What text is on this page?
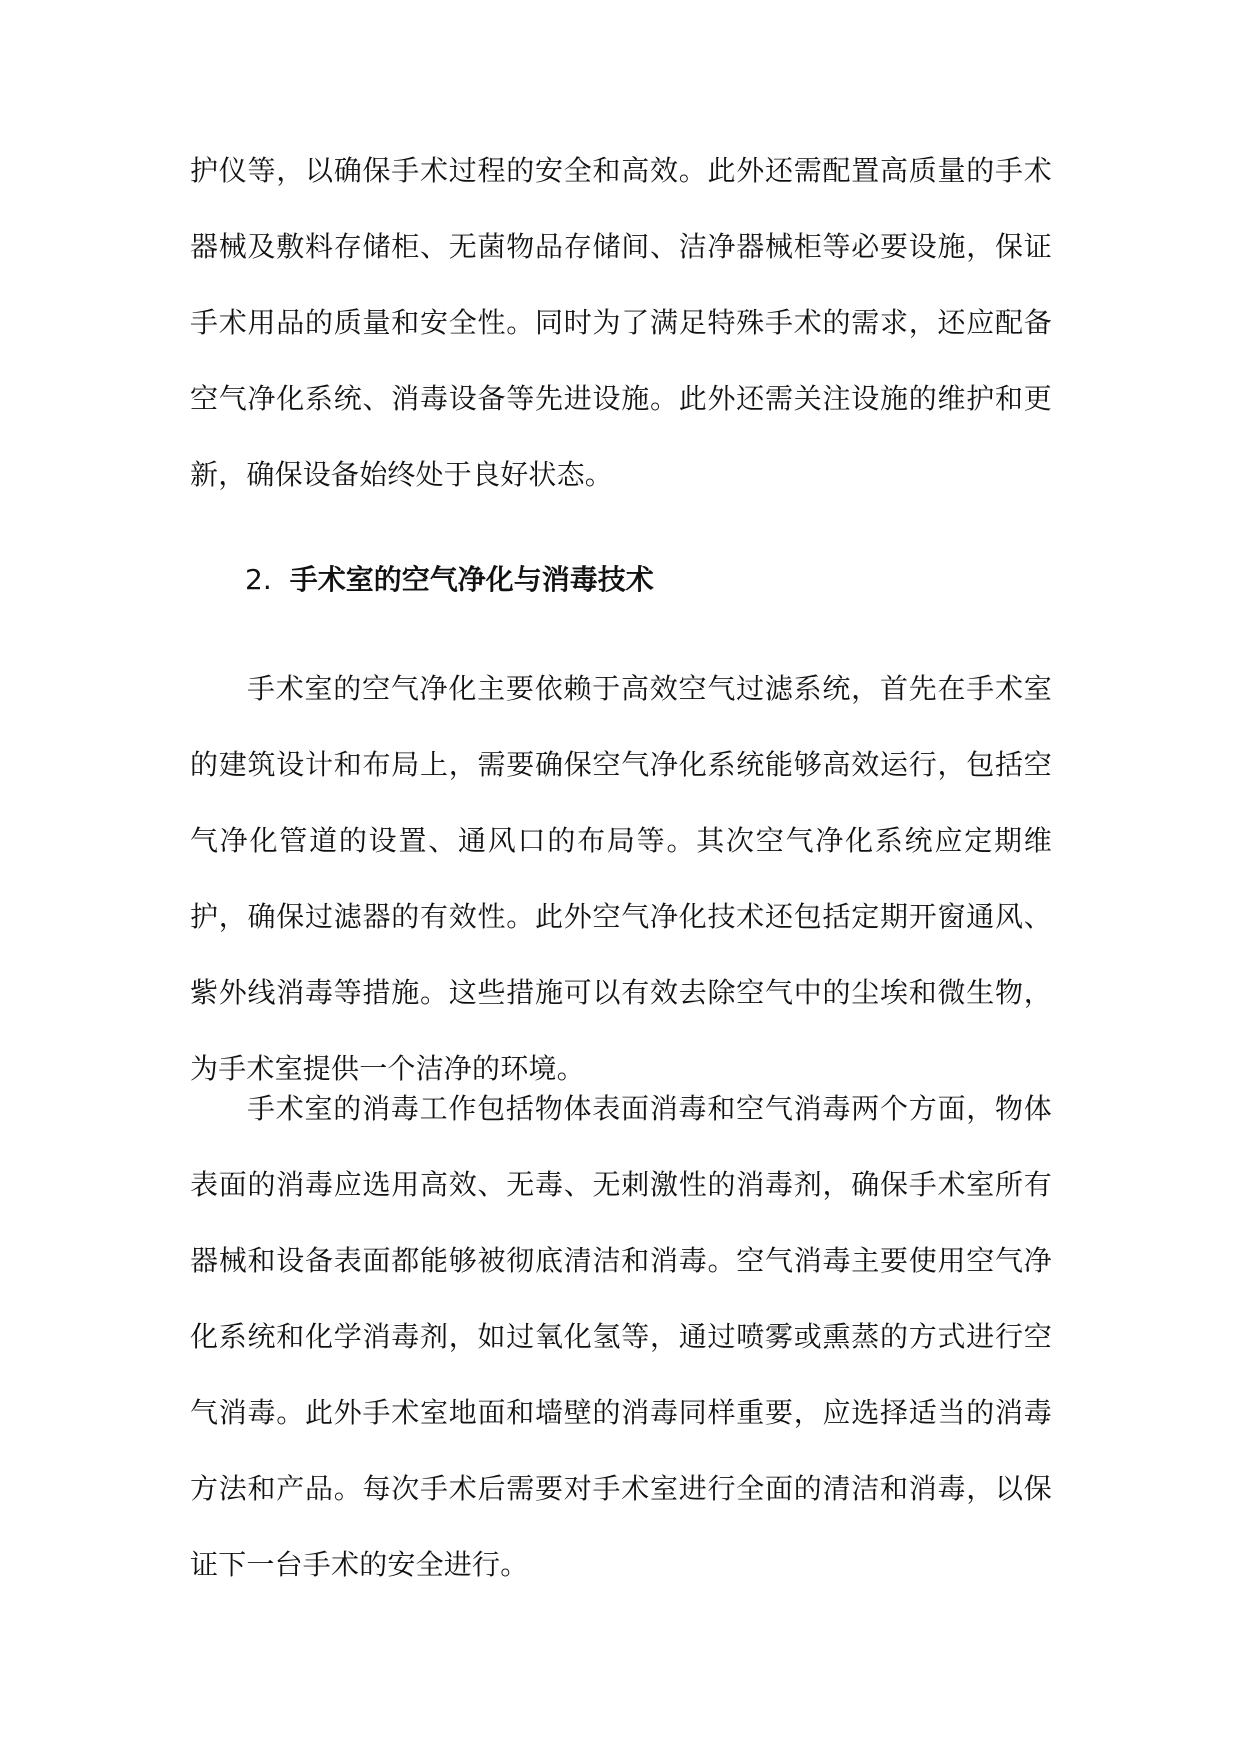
护仪等，以确保手术过程的安全和高效。此外还需配置高质量的手术器械及敷料存储柜、无菌物品存储间、洁净器械柜等必要设施，保证手术用品的质量和安全性。同时为了满足特殊手术的需求，还应配备空气净化系统、消毒设备等先进设施。此外还需关注设施的维护和更新，确保设备始终处于良好状态。

2. 手术室的空气净化与消毒技术

手术室的空气净化主要依赖于高效空气过滤系统，首先在手术室的建筑设计和布局上，需要确保空气净化系统能够高效运行，包括空气净化管道的设置、通风口的布局等。其次空气净化系统应定期维护，确保过滤器的有效性。此外空气净化技术还包括定期开窗通风、紫外线消毒等措施。这些措施可以有效去除空气中的尘埃和微生物，为手术室提供一个洁净的环境。

手术室的消毒工作包括物体表面消毒和空气消毒两个方面，物体表面的消毒应选用高效、无毒、无刺激性的消毒剂，确保手术室所有器械和设备表面都能够被彻底清洁和消毒。空气消毒主要使用空气净化系统和化学消毒剂，如过氧化氢等，通过喷雾或熏蒸的方式进行空气消毒。此外手术室地面和墙壁的消毒同样重要，应选择适当的消毒方法和产品。每次手术后需要对手术室进行全面的清洁和消毒，以保证下一台手术的安全进行。
